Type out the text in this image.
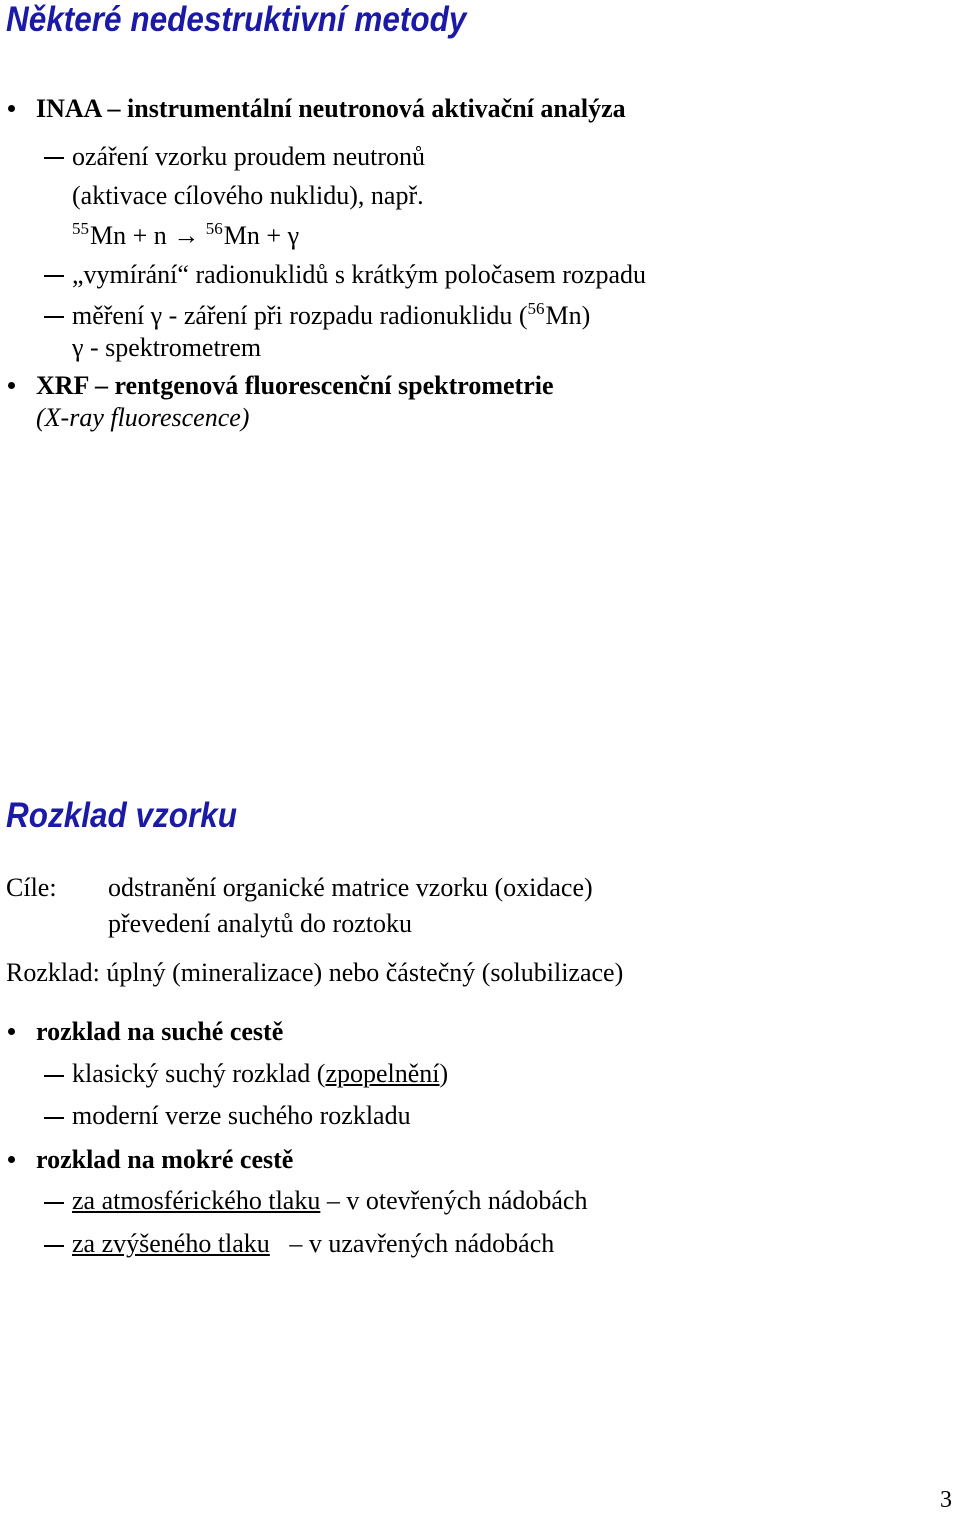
Některé nedestruktivní metody

INAA – instrumentální neutronová aktivační analýza

ozáření vzorku proudem neutronů

(aktivace cílového nuklidu), např.

$^{55}$Mn + n → $^{56}$Mn + γ

„vymírání“ radionuklidů s krátkým poločasem rozpadu

měření γ - záření při rozpadu radionuklidu ($^{56}$Mn)

γ - spektrometrem

XRF – rentgenová fluorescenční spektrometrie

(X-ray fluorescence)

Rozklad vzorku

Cíle: odstranění organické matrice vzorku (oxidace)

převedení analytů do roztoku

Rozklad: úplný (mineralizace) nebo částečný (solubilizace)

rozklad na suché cestě

klasický suchý rozklad (zpopelnění)

moderní verze suchého rozkladu

rozklad na mokré cestě

za atmosférického tlaku – v otevřených nádobách

za zvýšeného tlaku – v uzavřených nádobách

3
